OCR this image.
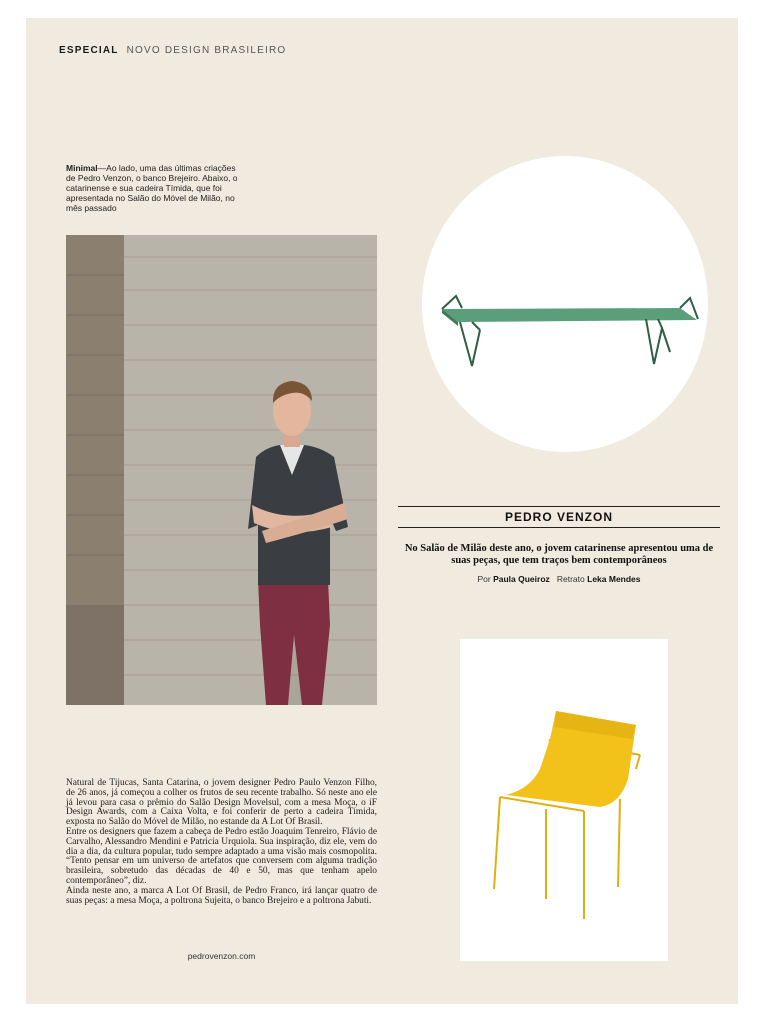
ESPECIAL NOVO DESIGN BRASILEIRO
Minimal—Ao lado, uma das últimas criações de Pedro Venzon, o banco Brejeiro. Abaixo, o catarinense e sua cadeira Tímida, que foi apresentada no Salão do Móvel de Milão, no mês passado
PEDRO VENZON
No Salão de Milão deste ano, o jovem catarinense apresentou uma de suas peças, que tem traços bem contemporâneos
Por Paula Queiroz Retrato Leka Mendes

Natural de Tijucas, Santa Catarina, o jovem designer Pedro Paulo Venzon Filho, de 26 anos, já começou a colher os frutos de seu recente trabalho. Só neste ano ele já levou para casa o prêmio do Salão Design Movelsul, com a mesa Moça, o iF Design Awards, com a Caixa Volta, e foi conferir de perto a cadeira Tímida, exposta no Salão do Móvel de Milão, no estande da A Lot Of Brasil.

Entre os designers que fazem a cabeça de Pedro estão Joaquim Tenreiro, Flávio de Carvalho, Alessandro Mendini e Patricia Urquiola. Sua inspiração, diz ele, vem do dia a dia, da cultura popular, tudo sempre adaptado a uma visão mais cosmopolita. “Tento pensar em um universo de artefatos que conversem com alguma tradição brasileira, sobretudo das décadas de 40 e 50, mas que tenham apelo contemporâneo”, diz.

Ainda neste ano, a marca A Lot Of Brasil, de Pedro Franco, irá lançar quatro de suas peças: a mesa Moça, a poltrona Sujeita, o banco Brejeiro e a poltrona Jabuti.

pedrovenzon.com
